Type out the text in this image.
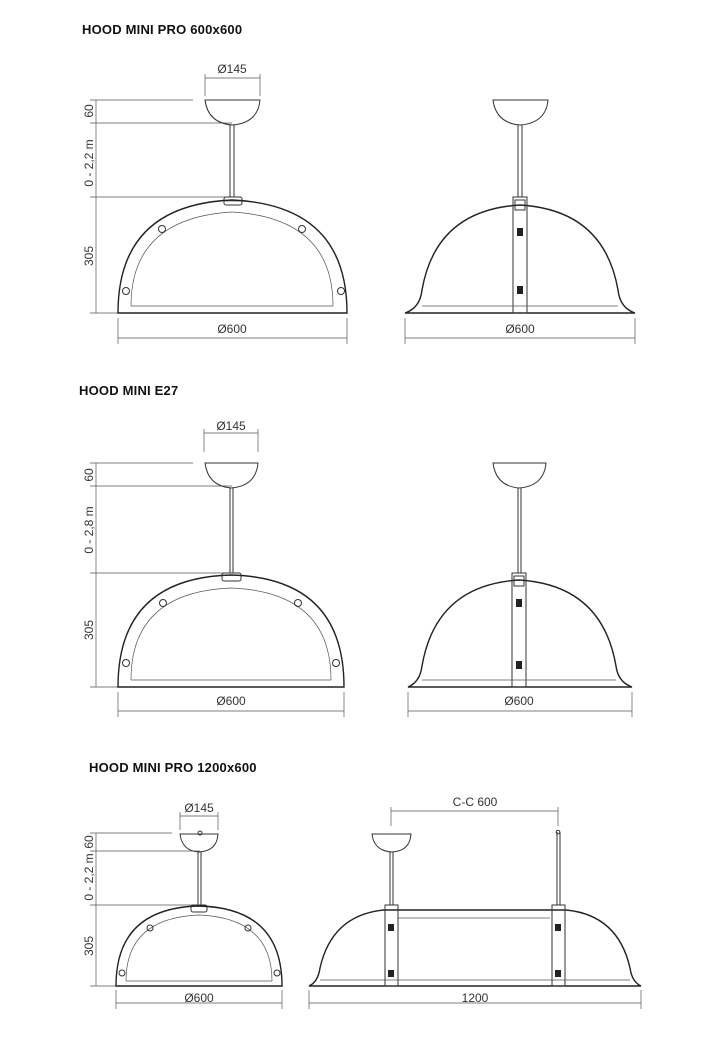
HOOD MINI PRO 600x600
HOOD MINI E27
HOOD MINI PRO 1200x600
Ø145
60
0 - 2,2 m
305
Ø600	Ø600
Ø145
60
0 - 2,8 m
305
Ø600	Ø600
Ø145
60
0 - 2,2 m
305
Ø600
C-C 600
1200
